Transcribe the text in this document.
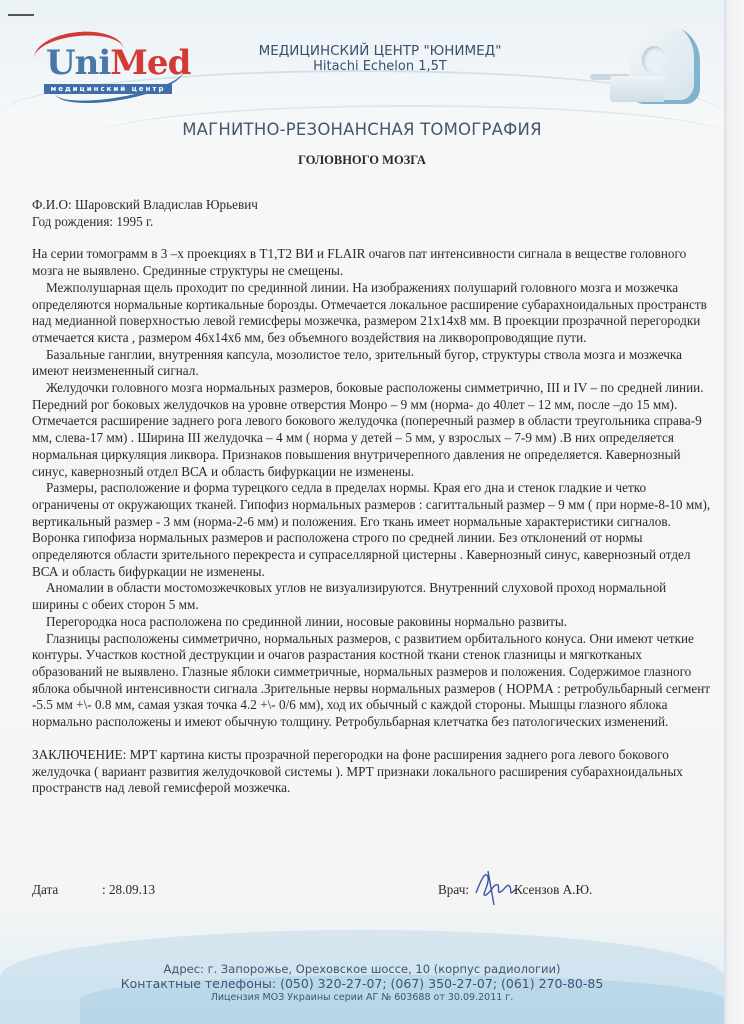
UniMed
медицинский центр
МЕДИЦИНСКИЙ ЦЕНТР "ЮНИМЕД"
Hitachi Echelon 1,5T
МАГНИТНО-РЕЗОНАНСНАЯ ТОМОГРАФИЯ
ГОЛОВНОГО МОЗГА

Ф.И.О: Шаровский Владислав Юрьевич

Год рождения: 1995 г.

На серии томограмм в 3 –х проекциях в T1,T2 ВИ и FLAIR очагов пат интенсивности сигнала в веществе головного мозга не выявлено. Срединные структуры не смещены.

Межполушарная щель проходит по срединной линии. На изображениях полушарий головного мозга и мозжечка определяются нормальные кортикальные борозды. Отмечается локальное расширение субарахноидальных пространств над медианной поверхностью левой гемисферы мозжечка, размером 21х14х8 мм. В проекции прозрачной перегородки отмечается киста , размером 46х14х6 мм, без объемного воздействия на ликворопроводящие пути.

Базальные ганглии, внутренняя капсула, мозолистое тело, зрительный бугор, структуры ствола мозга и мозжечка имеют неизмененный сигнал.

Желудочки головного мозга нормальных размеров, боковые расположены симметрично, III и IV – по средней линии. Передний рог боковых желудочков на уровне отверстия Монро – 9 мм (норма- до 40лет – 12 мм, после –до 15 мм). Отмечается расширение заднего рога левого бокового желудочка (поперечный размер в области треугольника справа-9 мм, слева-17 мм) . Ширина III желудочка – 4 мм ( норма у детей – 5 мм, у взрослых – 7-9 мм) .В них определяется нормальная циркуляция ликвора. Признаков повышения внутричерепного давления не определяется. Кавернозный синус, кавернозный отдел ВСА и область бифуркации не изменены.

Размеры, расположение и форма турецкого седла в пределах нормы. Края его дна и стенок гладкие и четко ограничены от окружающих тканей. Гипофиз нормальных размеров : сагиттальный размер – 9 мм ( при норме-8-10 мм), вертикальный размер - 3 мм (норма-2-6 мм) и положения. Его ткань имеет нормальные характеристики сигналов. Воронка гипофиза нормальных размеров и расположена строго по средней линии. Без отклонений от нормы определяются области зрительного перекреста и супраселлярной цистерны . Кавернозный синус, кавернозный отдел ВСА и область бифуркации не изменены.

Аномалии в области мостомозжечковых углов не визуализируются. Внутренний слуховой проход нормальной ширины с обеих сторон 5 мм.

Перегородка носа расположена по срединной линии, носовые раковины нормально развиты.

Глазницы расположены симметрично, нормальных размеров, с развитием орбитального конуса. Они имеют четкие контуры. Участков костной деструкции и очагов разрастания костной ткани стенок глазницы и мягкотканых образований не выявлено. Глазные яблоки симметричные, нормальных размеров и положения. Содержимое глазного яблока обычной интенсивности сигнала .Зрительные нервы нормальных размеров ( НОРМА : ретробульбарный сегмент -5.5 мм +\- 0.8 мм, самая узкая точка 4.2 +\- 0/6 мм), ход их обычный с каждой стороны. Мышцы глазного яблока нормально расположены и имеют обычную толщину. Ретробульбарная клетчатка без патологических изменений.

ЗАКЛЮЧЕНИЕ: МРТ картина кисты прозрачной перегородки на фоне расширения заднего рога левого бокового желудочка ( вариант развития желудочковой системы ). МРТ признаки локального расширения субарахноидальных пространств над левой гемисферой мозжечка.

Дата	: 28.09.13	Врач:	Ксензов А.Ю.
Адрес: г. Запорожье, Ореховское шоссе, 10 (корпус радиологии)
Контактные телефоны: (050) 320-27-07; (067) 350-27-07; (061) 270-80-85
Лицензия МОЗ Украины серии АГ № 603688 от 30.09.2011 г.
